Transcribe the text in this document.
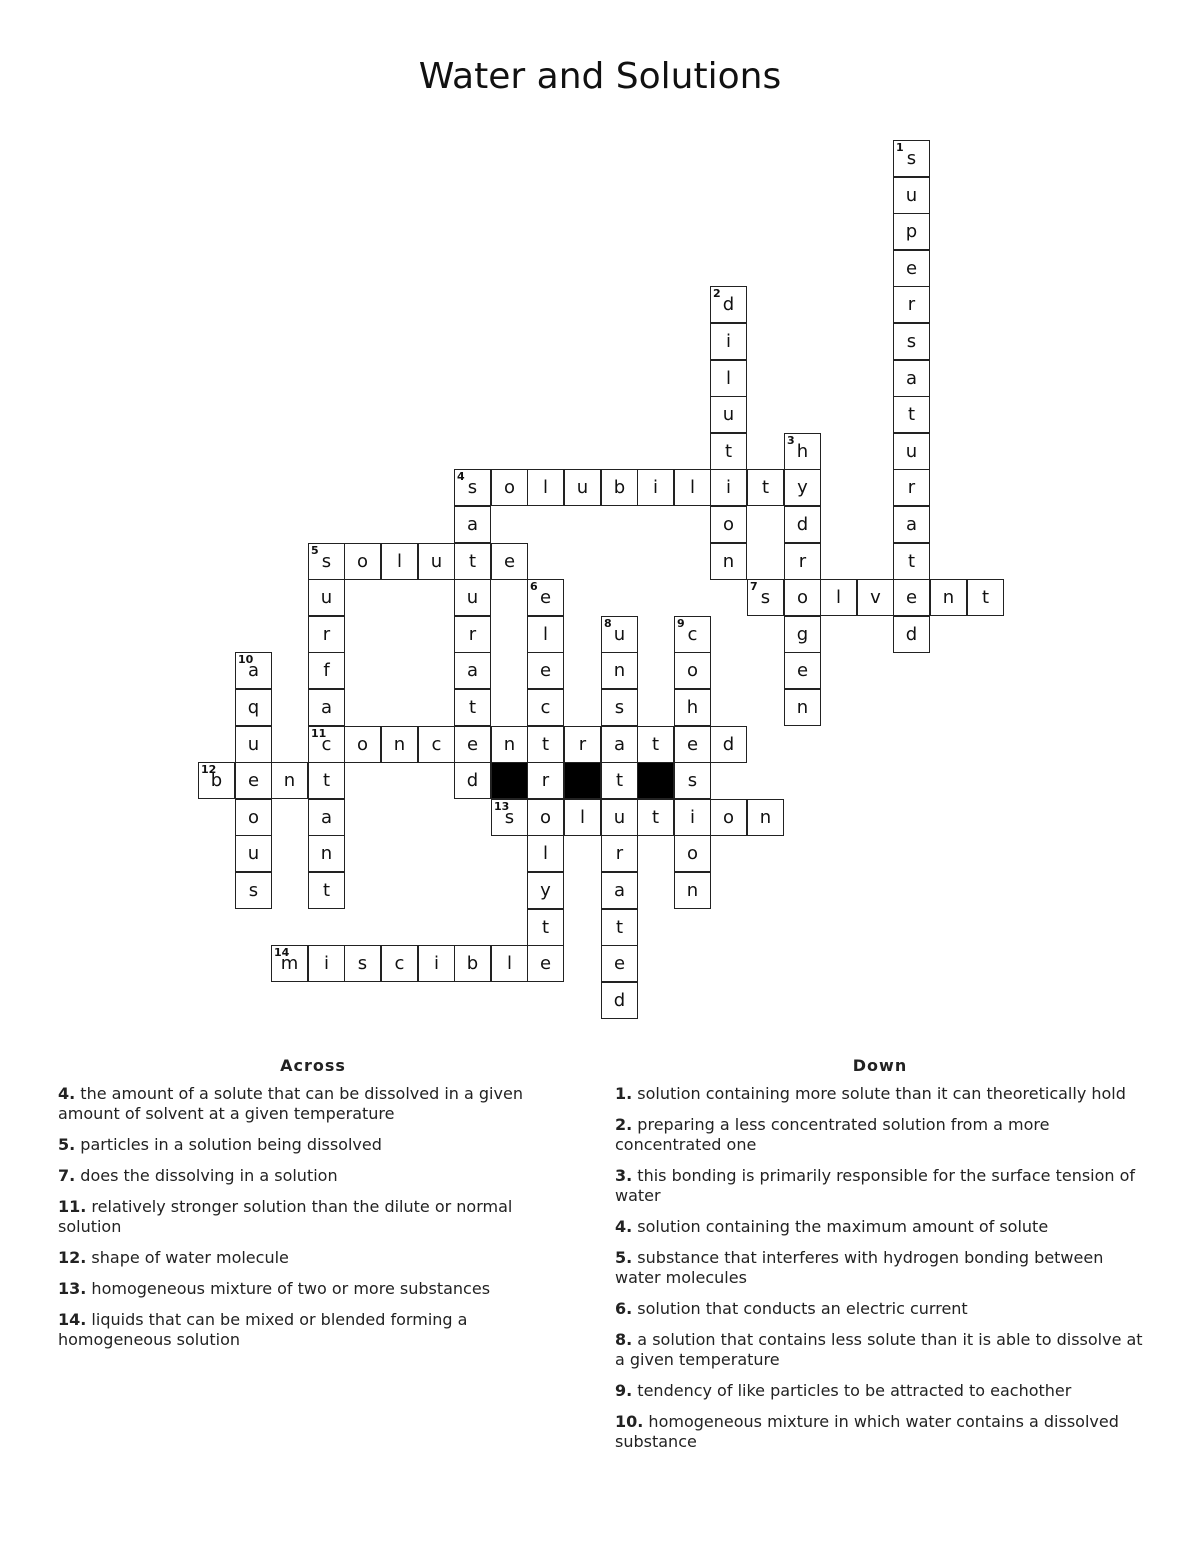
Water and Solutions
s
1
u
p
e
r
s
a
t
u
r
a
t
e
d
d
2
i
l
u
t
i
o
n
h
3
y
d
r
o
g
e
n
s
4
o	l	u	b	i	l	t
a
t
u
r
a
t
e
d
s
5
o	l	u	e
u
r
f
a
c
11
t
a
n
t
e
6
l
e
c
t
r
o
l
y
t
e
s
7
l	v	n	t
u
8
n
s
a
t
u
r
a
t
e
d
c
9
o
h
e
s
i
o
n
a
10
q
u
e
o
u
s
o	n	c	n	r	t	d
b
12
n
s
13
l	t	o	n
m
14
i	s	c	i	b	l
Across
4. the amount of a solute that can be dissolved in a given amount of solvent at a given temperature
5. particles in a solution being dissolved
7. does the dissolving in a solution
11. relatively stronger solution than the dilute or normal solution
12. shape of water molecule
13. homogeneous mixture of two or more substances
14. liquids that can be mixed or blended forming a homogeneous solution
Down
1. solution containing more solute than it can theoretically hold
2. preparing a less concentrated solution from a more concentrated one
3. this bonding is primarily responsible for the surface tension of water
4. solution containing the maximum amount of solute
5. substance that interferes with hydrogen bonding between water molecules
6. solution that conducts an electric current
8. a solution that contains less solute than it is able to dissolve at a given temperature
9. tendency of like particles to be attracted to eachother
10. homogeneous mixture in which water contains a dissolved substance
